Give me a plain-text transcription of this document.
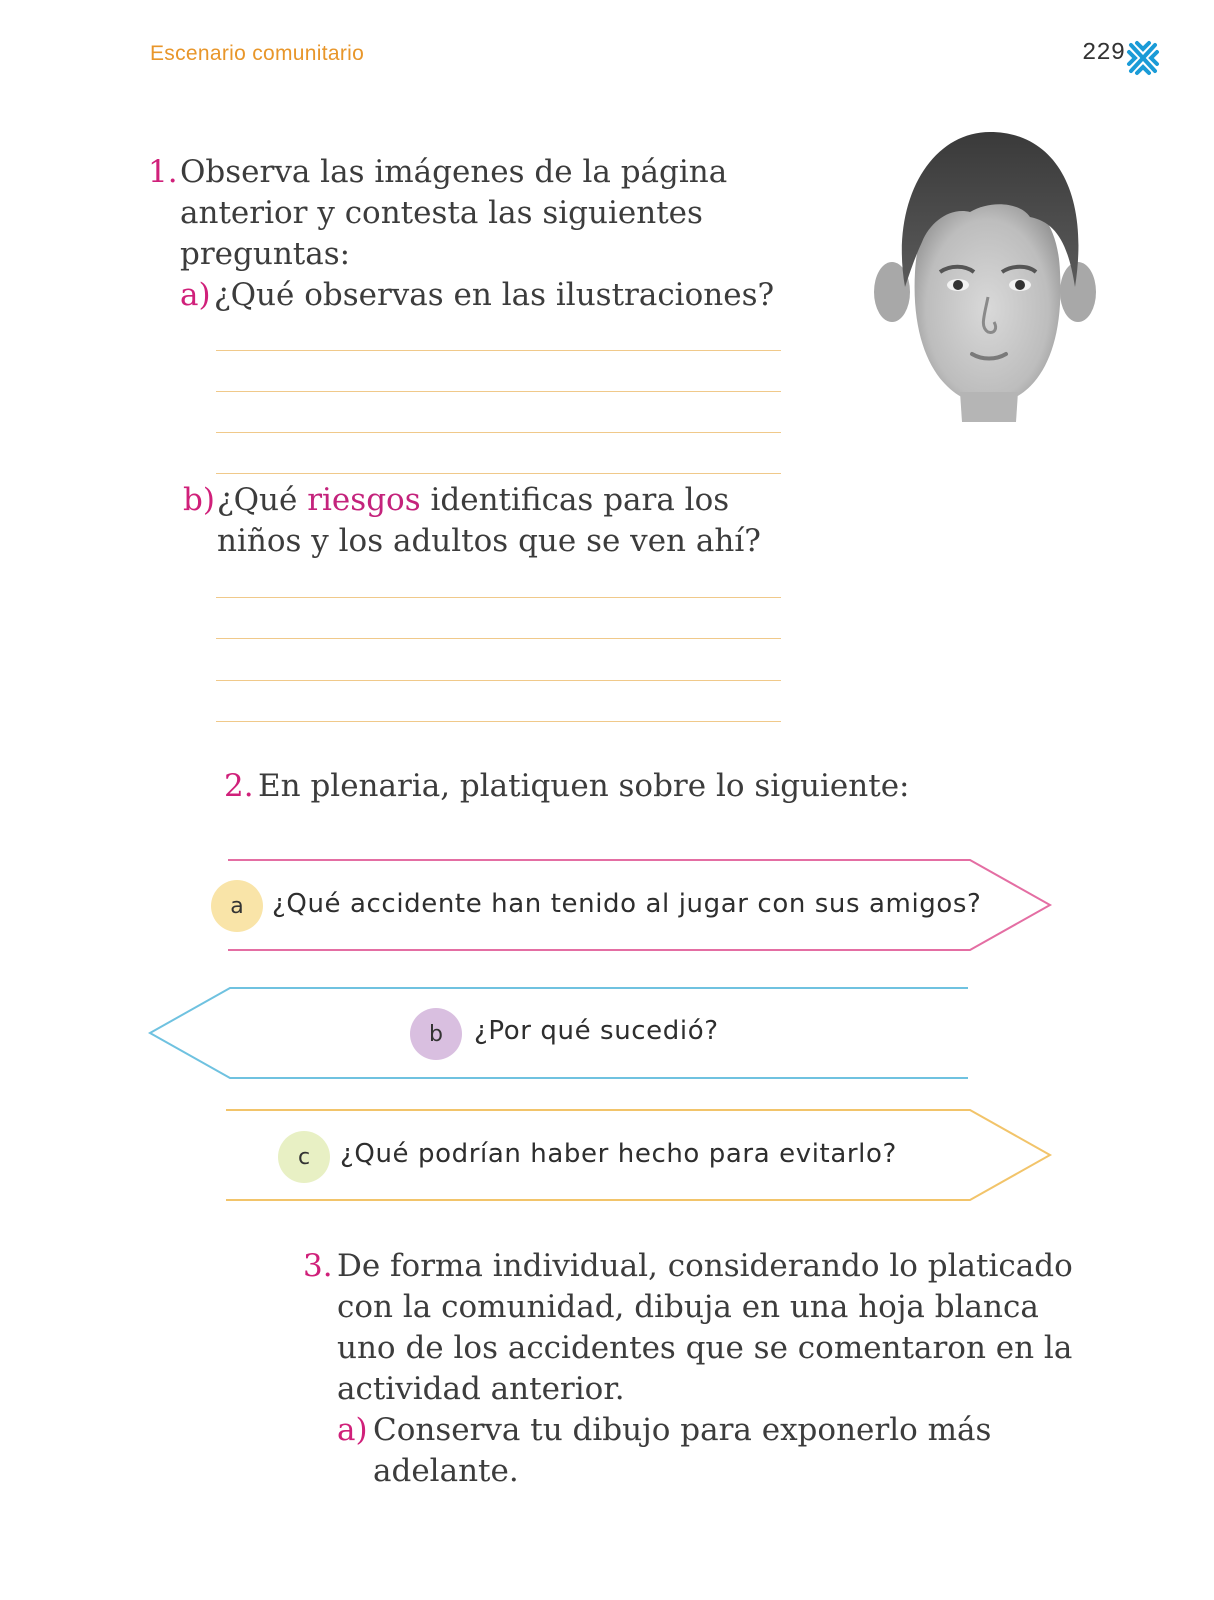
Escenario comunitario	229
1. Observa las imágenes de la página
anterior y contesta las siguientes
preguntas:
a) ¿Qué observas en las ilustraciones?
b) ¿Qué riesgos identificas para los
niños y los adultos que se ven ahí?
2. En plenaria, platiquen sobre lo siguiente:
a	¿Qué accidente han tenido al jugar con sus amigos?
b	¿Por qué sucedió?
c	¿Qué podrían haber hecho para evitarlo?
3. De forma individual, considerando lo platicado
con la comunidad, dibuja en una hoja blanca
uno de los accidentes que se comentaron en la
actividad anterior.
a) Conserva tu dibujo para exponerlo más
adelante.
